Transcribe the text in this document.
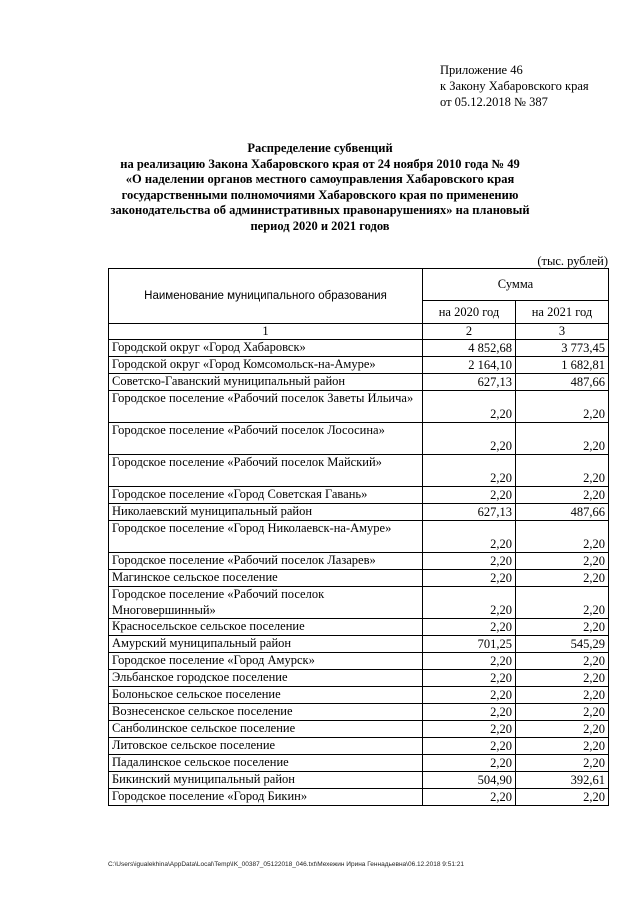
Приложение 46
к Закону Хабаровского края
от 05.12.2018 № 387
Распределение субвенций
на реализацию Закона Хабаровского края от 24 ноября 2010 года № 49
«О наделении органов местного самоуправления Хабаровского края
государственными полномочиями Хабаровского края по применению
законодательства об административных правонарушениях» на плановый
период 2020 и 2021 годов
(тыс. рублей)
Наименование муниципального образования	Сумма	
	на 2020 год	на 2021 год
1	2	3
Городской округ «Город Хабаровск»	4 852,68	3 773,45
Городской округ «Город Комсомольск-на-Амуре»	2 164,10	1 682,81
Советско-Гаванский муниципальный район	627,13	487,66
Городское поселение «Рабочий поселок Заветы Ильича»	2,20	2,20
Городское поселение «Рабочий поселок Лососина»	2,20	2,20
Городское поселение «Рабочий поселок Майский»	2,20	2,20
Городское поселение «Город Советская Гавань»	2,20	2,20
Николаевский муниципальный район	627,13	487,66
Городское поселение «Город Николаевск-на-Амуре»	2,20	2,20
Городское поселение «Рабочий поселок Лазарев»	2,20	2,20
Магинское сельское поселение	2,20	2,20
Городское поселение «Рабочий поселок Многовершинный»	2,20	2,20
Красносельское сельское поселение	2,20	2,20
Амурский муниципальный район	701,25	545,29
Городское поселение «Город Амурск»	2,20	2,20
Эльбанское городское поселение	2,20	2,20
Болоньское сельское поселение	2,20	2,20
Вознесенское сельское поселение	2,20	2,20
Санболинское сельское поселение	2,20	2,20
Литовское сельское поселение	2,20	2,20
Падалинское сельское поселение	2,20	2,20
Бикинский муниципальный район	504,90	392,61
Городское поселение «Город Бикин»	2,20	2,20
C:\Users\igualekhina\AppData\Local\Temp\IK_00387_05122018_046.txt\Мехежин Ирина Геннадьевна\06.12.2018 9:51:21
